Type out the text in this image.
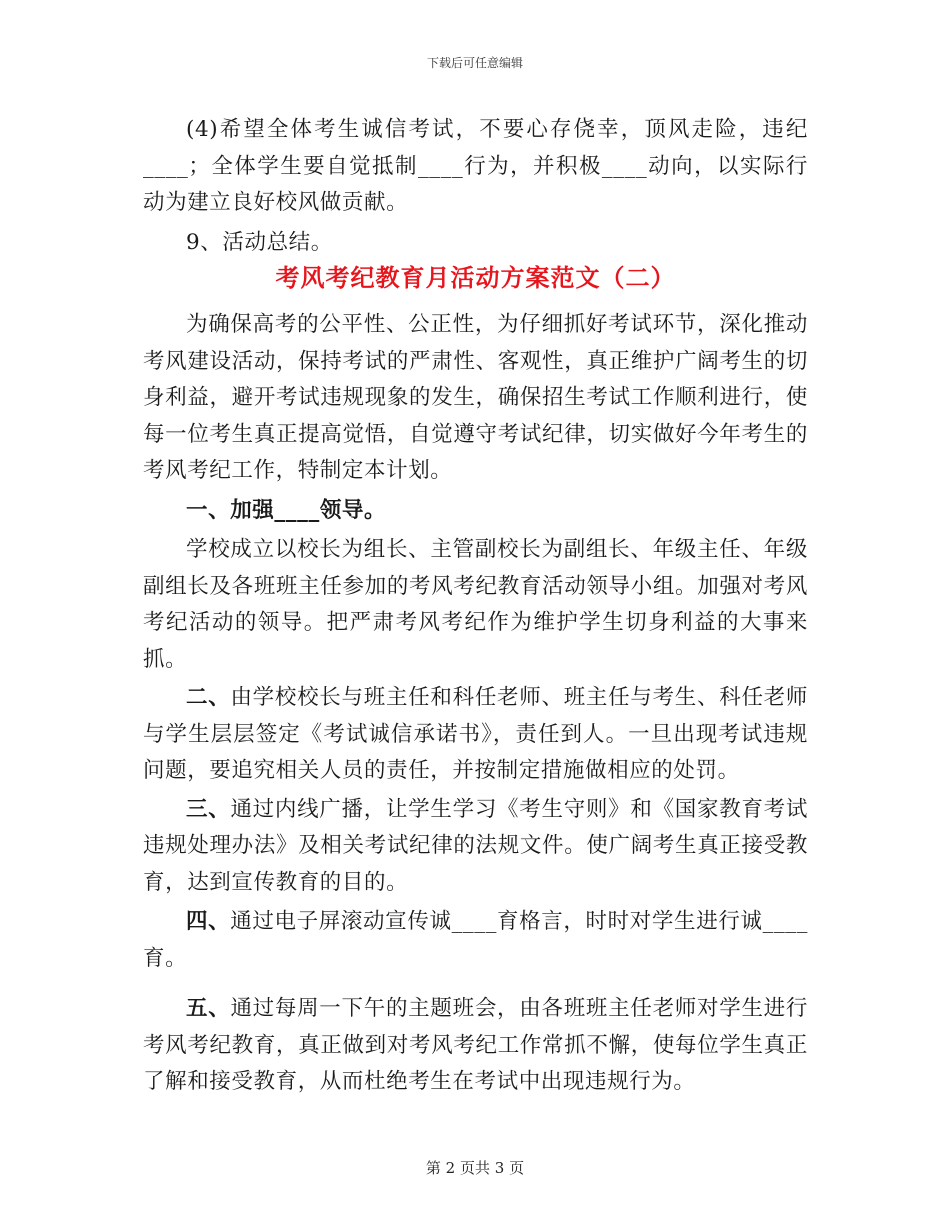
下载后可任意编辑

(4)希望全体考生诚信考试，不要心存侥幸，顶风走险，违纪____；全体学生要自觉抵制____行为，并积极____动向，以实际行动为建立良好校风做贡献。

9、活动总结。

考风考纪教育月活动方案范文（二）

为确保高考的公平性、公正性，为仔细抓好考试环节，深化推动考风建设活动，保持考试的严肃性、客观性，真正维护广阔考生的切身利益，避开考试违规现象的发生，确保招生考试工作顺利进行，使每一位考生真正提高觉悟，自觉遵守考试纪律，切实做好今年考生的考风考纪工作，特制定本计划。

一、加强____领导。

学校成立以校长为组长、主管副校长为副组长、年级主任、年级副组长及各班班主任参加的考风考纪教育活动领导小组。加强对考风考纪活动的领导。把严肃考风考纪作为维护学生切身利益的大事来抓。

二、由学校校长与班主任和科任老师、班主任与考生、科任老师与学生层层签定《考试诚信承诺书》，责任到人。一旦出现考试违规问题，要追究相关人员的责任，并按制定措施做相应的处罚。

三、通过内线广播，让学生学习《考生守则》和《国家教育考试违规处理办法》及相关考试纪律的法规文件。使广阔考生真正接受教育，达到宣传教育的目的。

四、通过电子屏滚动宣传诚____育格言，时时对学生进行诚____育。

五、通过每周一下午的主题班会，由各班班主任老师对学生进行考风考纪教育，真正做到对考风考纪工作常抓不懈，使每位学生真正了解和接受教育，从而杜绝考生在考试中出现违规行为。

第 2 页共 3 页
